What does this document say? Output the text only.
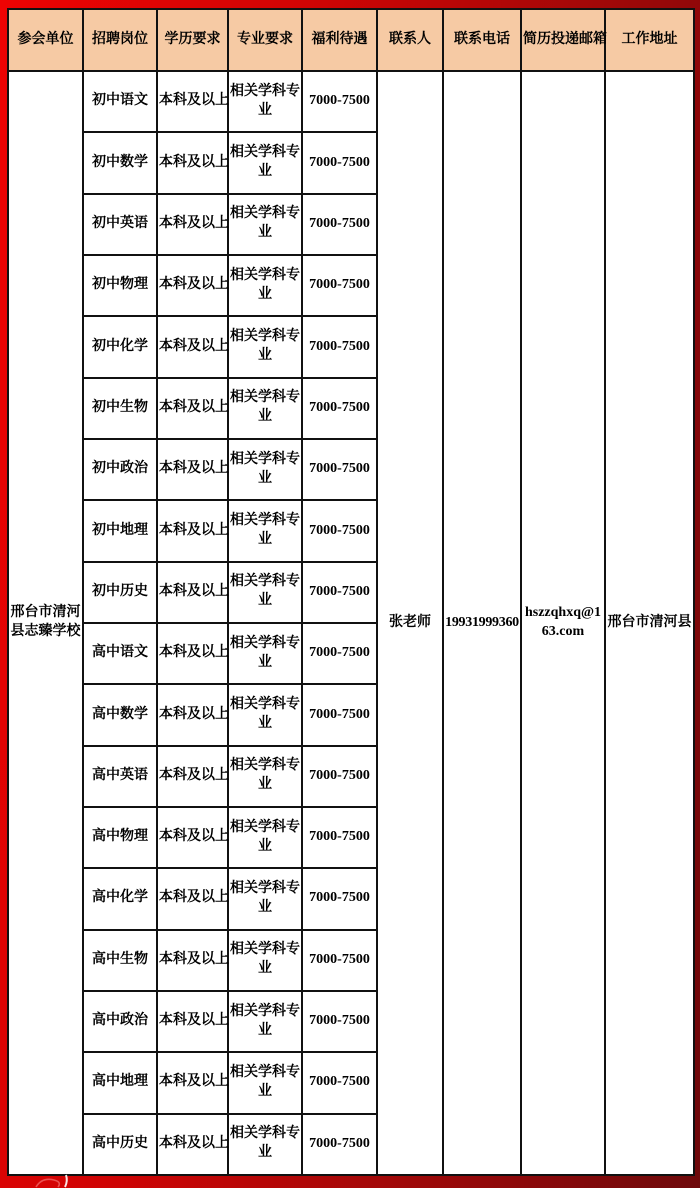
参会单位	招聘岗位	学历要求	专业要求	福利待遇	联系人	联系电话	简历投递邮箱	工作地址
邢台市清河县志臻学校	初中语文	本科及以上	相关学科专业	7000-7500	张老师	19931999360	hszzqhxq@163.com	邢台市清河县
	初中数学	本科及以上	相关学科专业	7000-7500				
	初中英语	本科及以上	相关学科专业	7000-7500				
	初中物理	本科及以上	相关学科专业	7000-7500				
	初中化学	本科及以上	相关学科专业	7000-7500				
	初中生物	本科及以上	相关学科专业	7000-7500				
	初中政治	本科及以上	相关学科专业	7000-7500				
	初中地理	本科及以上	相关学科专业	7000-7500				
	初中历史	本科及以上	相关学科专业	7000-7500				
	高中语文	本科及以上	相关学科专业	7000-7500				
	高中数学	本科及以上	相关学科专业	7000-7500				
	高中英语	本科及以上	相关学科专业	7000-7500				
	高中物理	本科及以上	相关学科专业	7000-7500				
	高中化学	本科及以上	相关学科专业	7000-7500				
	高中生物	本科及以上	相关学科专业	7000-7500				
	高中政治	本科及以上	相关学科专业	7000-7500				
	高中地理	本科及以上	相关学科专业	7000-7500				
	高中历史	本科及以上	相关学科专业	7000-7500				
